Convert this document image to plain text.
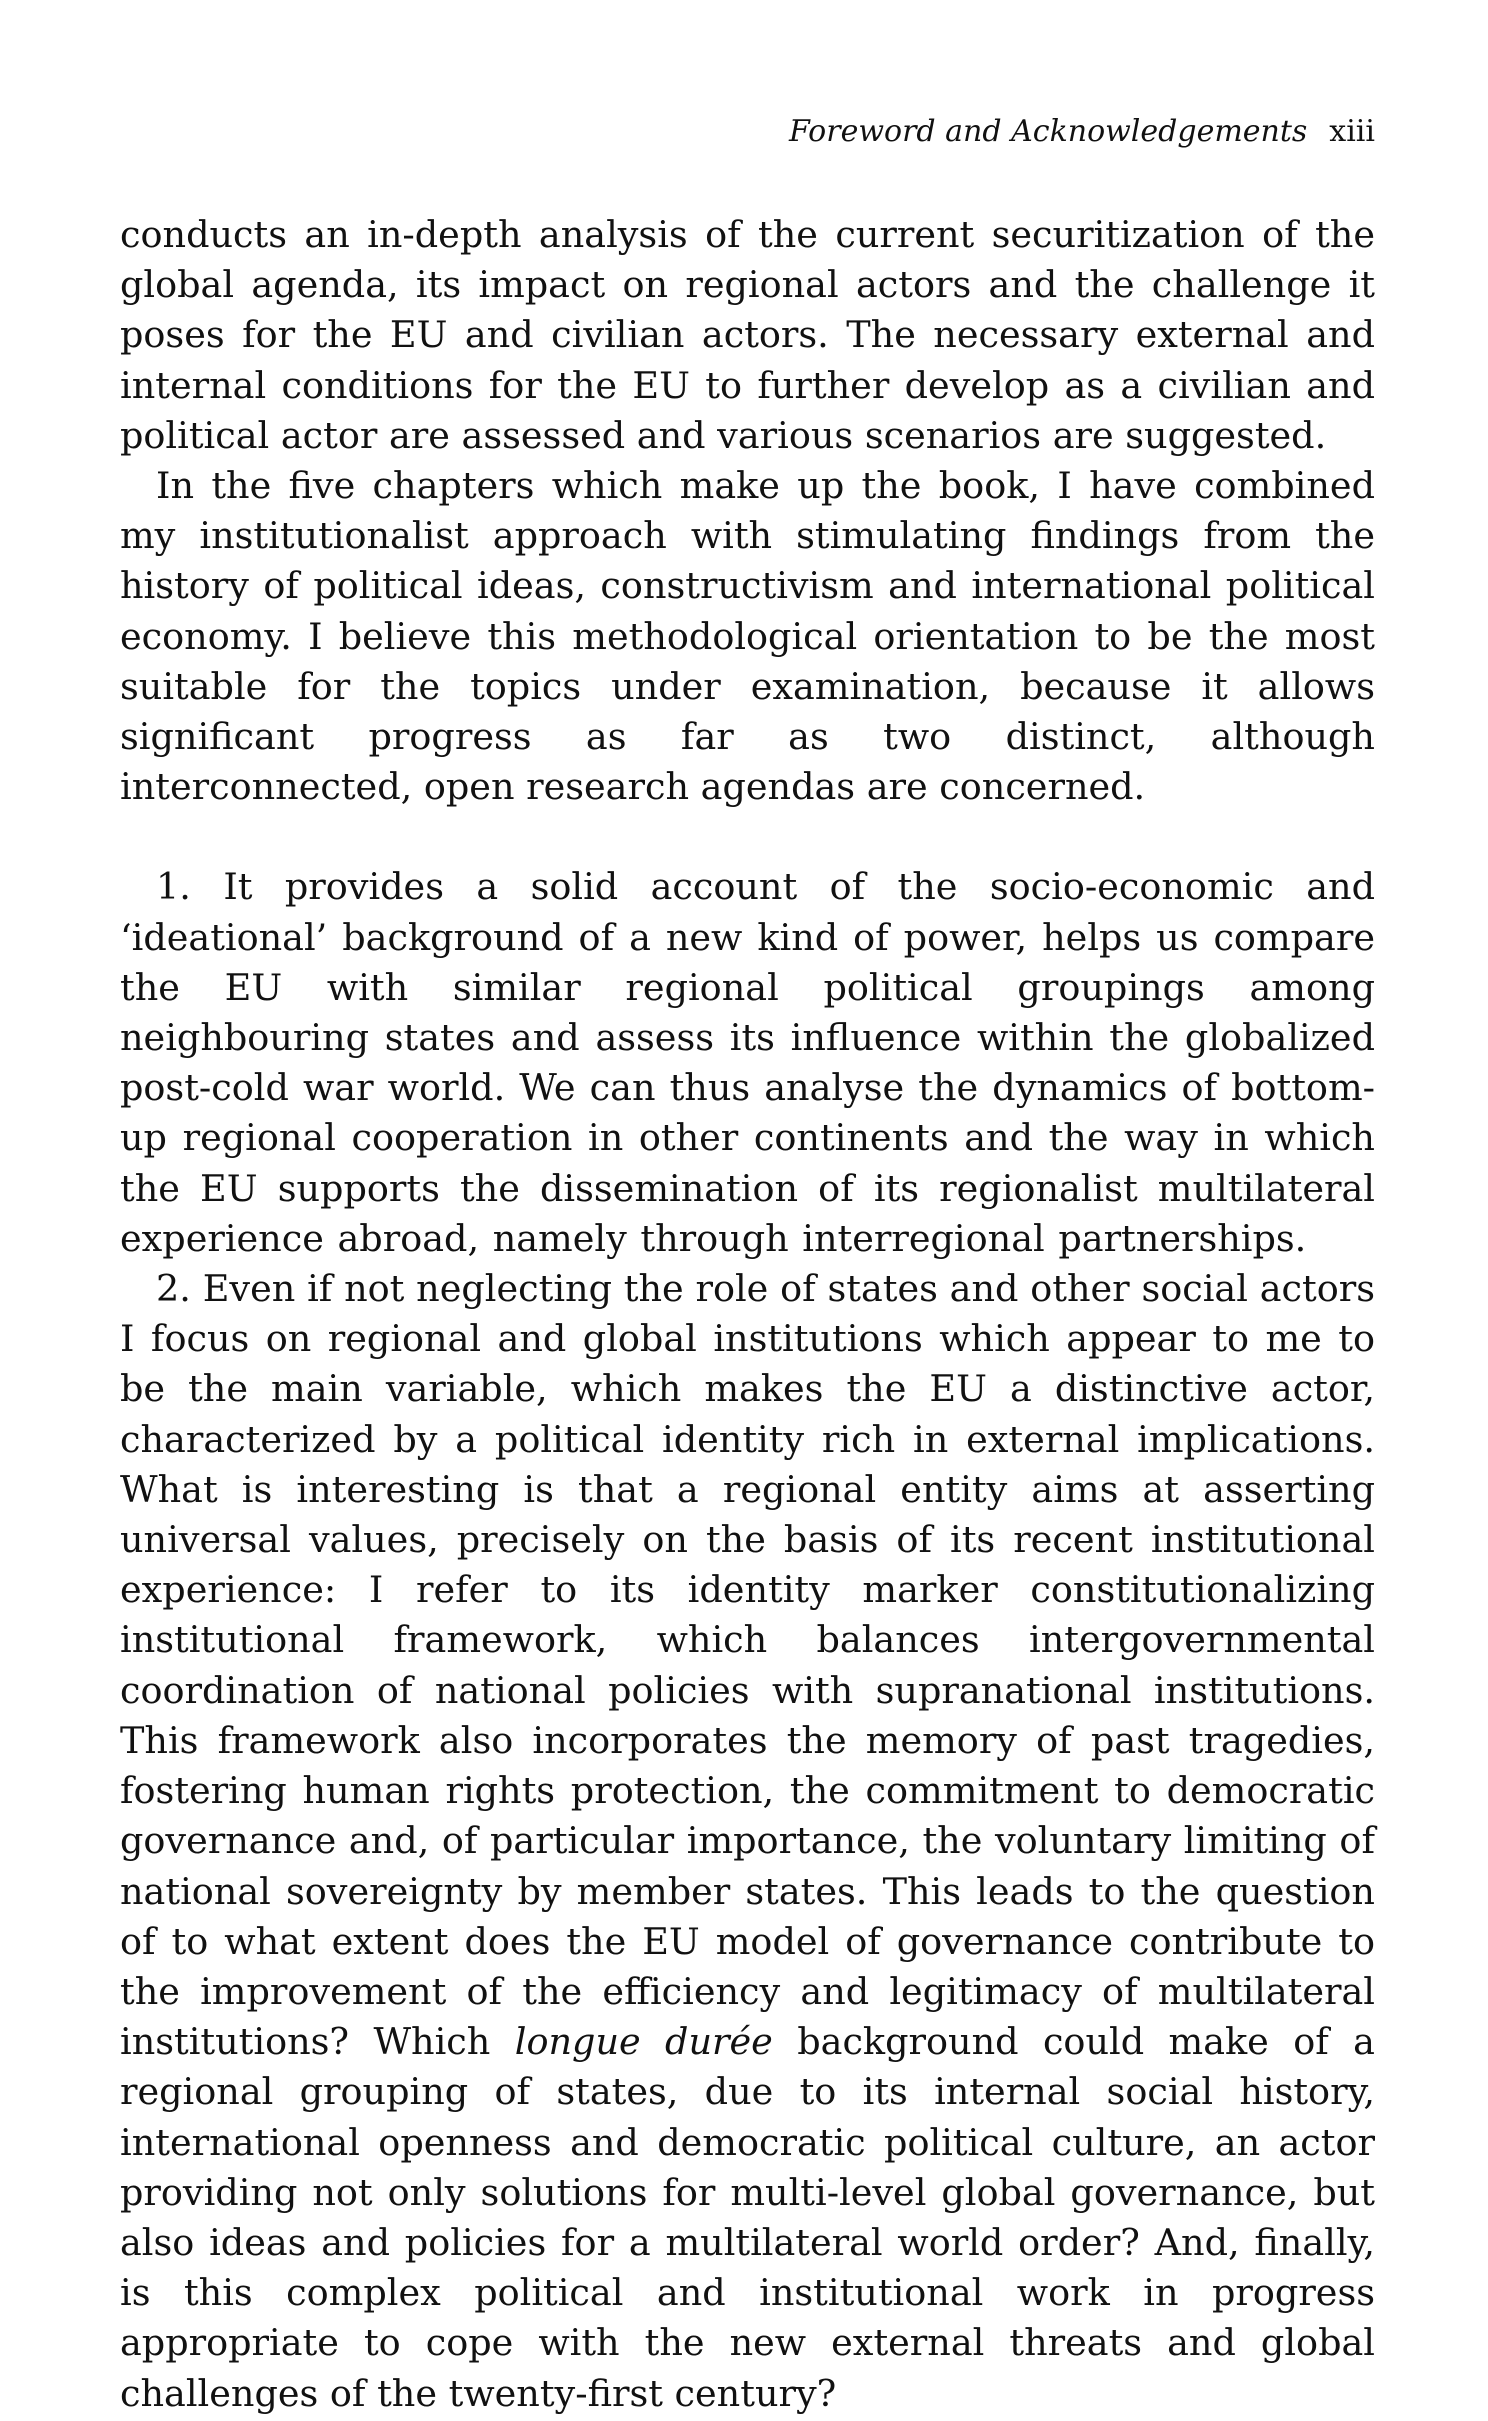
Foreword and Acknowledgements xiii

conducts an in-depth analysis of the current securitization of the global agenda, its impact on regional actors and the challenge it poses for the EU and civilian actors. The necessary external and internal conditions for the EU to further develop as a civilian and political actor are assessed and various scenarios are suggested.

In the five chapters which make up the book, I have combined my institutionalist approach with stimulating findings from the history of political ideas, constructivism and international political economy. I believe this methodological orientation to be the most suitable for the topics under examination, because it allows significant progress as far as two distinct, although interconnected, open research agendas are concerned.

1. It provides a solid account of the socio-economic and ‘ideational’ background of a new kind of power, helps us compare the EU with similar regional political groupings among neighbouring states and assess its influence within the globalized post-cold war world. We can thus analyse the dynamics of bottom-up regional cooperation in other continents and the way in which the EU supports the dissemination of its regionalist multilateral experience abroad, namely through interregional partnerships.

2. Even if not neglecting the role of states and other social actors I focus on regional and global institutions which appear to me to be the main variable, which makes the EU a distinctive actor, characterized by a political identity rich in external implications. What is interesting is that a regional entity aims at asserting universal values, precisely on the basis of its recent institutional experience: I refer to its identity marker constitutionalizing institutional framework, which balances intergovernmental coordination of national policies with supranational institutions. This framework also incorporates the memory of past tragedies, fostering human rights protection, the commitment to democratic governance and, of particular importance, the voluntary limiting of national sovereignty by member states. This leads to the question of to what extent does the EU model of governance contribute to the improvement of the efficiency and legitimacy of multilateral institutions? Which longue durée background could make of a regional grouping of states, due to its internal social history, international openness and democratic political culture, an actor providing not only solutions for multi-level global governance, but also ideas and policies for a multilateral world order? And, finally, is this complex political and institutional work in progress appropriate to cope with the new external threats and global challenges of the twenty-first century?
